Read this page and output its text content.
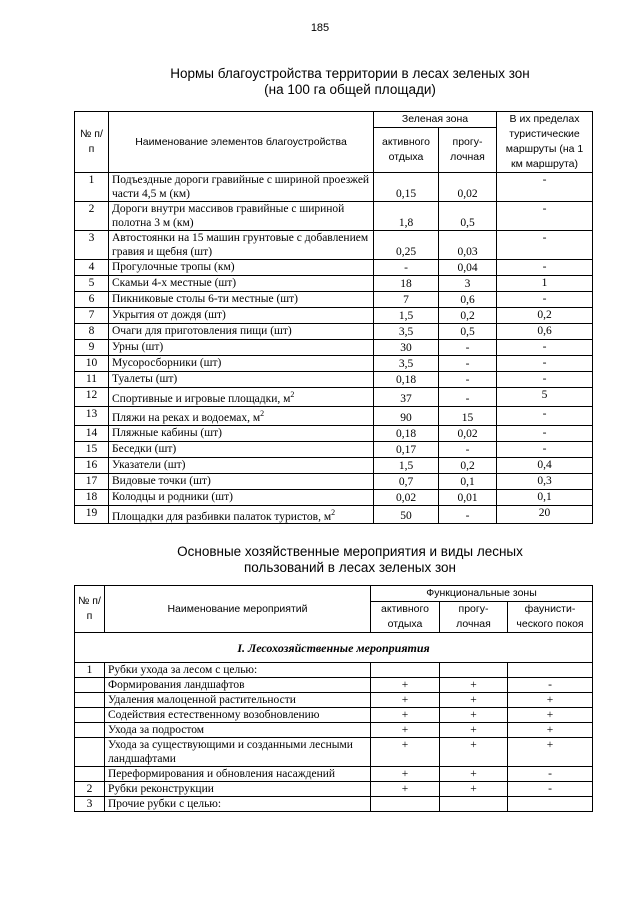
185
Нормы благоустройства территории в лесах зеленых зон
(на 100 га общей площади)
№ п/п	Наименование элементов благоустройства	Зеленая зона		В их пределах туристические маршруты (на 1 км маршрута)
		активного отдыха	прогу- лочная	
1	Подъездные дороги гравийные с шириной проезжей части 4,5 м (км)	0,15	0,02	-
2	Дороги внутри массивов гравийные с шириной полотна 3 м (км)	1,8	0,5	-
3	Автостоянки на 15 машин грунтовые с добавлением гравия и щебня (шт)	0,25	0,03	-
4	Прогулочные тропы (км)	-	0,04	-
5	Скамьи 4-х местные (шт)	18	3	1
6	Пикниковые столы 6-ти местные (шт)	7	0,6	-
7	Укрытия от дождя (шт)	1,5	0,2	0,2
8	Очаги для приготовления пищи (шт)	3,5	0,5	0,6
9	Урны (шт)	30	-	-
10	Мусоросборники (шт)	3,5	-	-
11	Туалеты (шт)	0,18	-	-
12	Спортивные и игровые площадки, $м^2$	37	-	5
13	Пляжи на реках и водоемах, $м^2$	90	15	-
14	Пляжные кабины (шт)	0,18	0,02	-
15	Беседки (шт)	0,17	-	-
16	Указатели (шт)	1,5	0,2	0,4
17	Видовые точки (шт)	0,7	0,1	0,3
18	Колодцы и родники (шт)	0,02	0,01	0,1
19	Площадки для разбивки палаток туристов, $м^2$	50	-	20
Основные хозяйственные мероприятия и виды лесных
пользований в лесах зеленых зон
№ п/п	Наименование мероприятий	Функциональные зоны		
		активного отдыха	прогу- лочная	фаунисти- ческого покоя
I. Лесохозяйственные мероприятия				
1	Рубки ухода за лесом с целью:			
	Формирования ландшафтов	+	+	-
	Удаления малоценной растительности	+	+	+
	Содействия естественному возобновлению	+	+	+
	Ухода за подростом	+	+	+
	Ухода за существующими и созданными лесными ландшафтами	+	+	+
	Переформирования и обновления насаждений	+	+	-
2	Рубки реконструкции	+	+	-
3	Прочие рубки с целью:			
